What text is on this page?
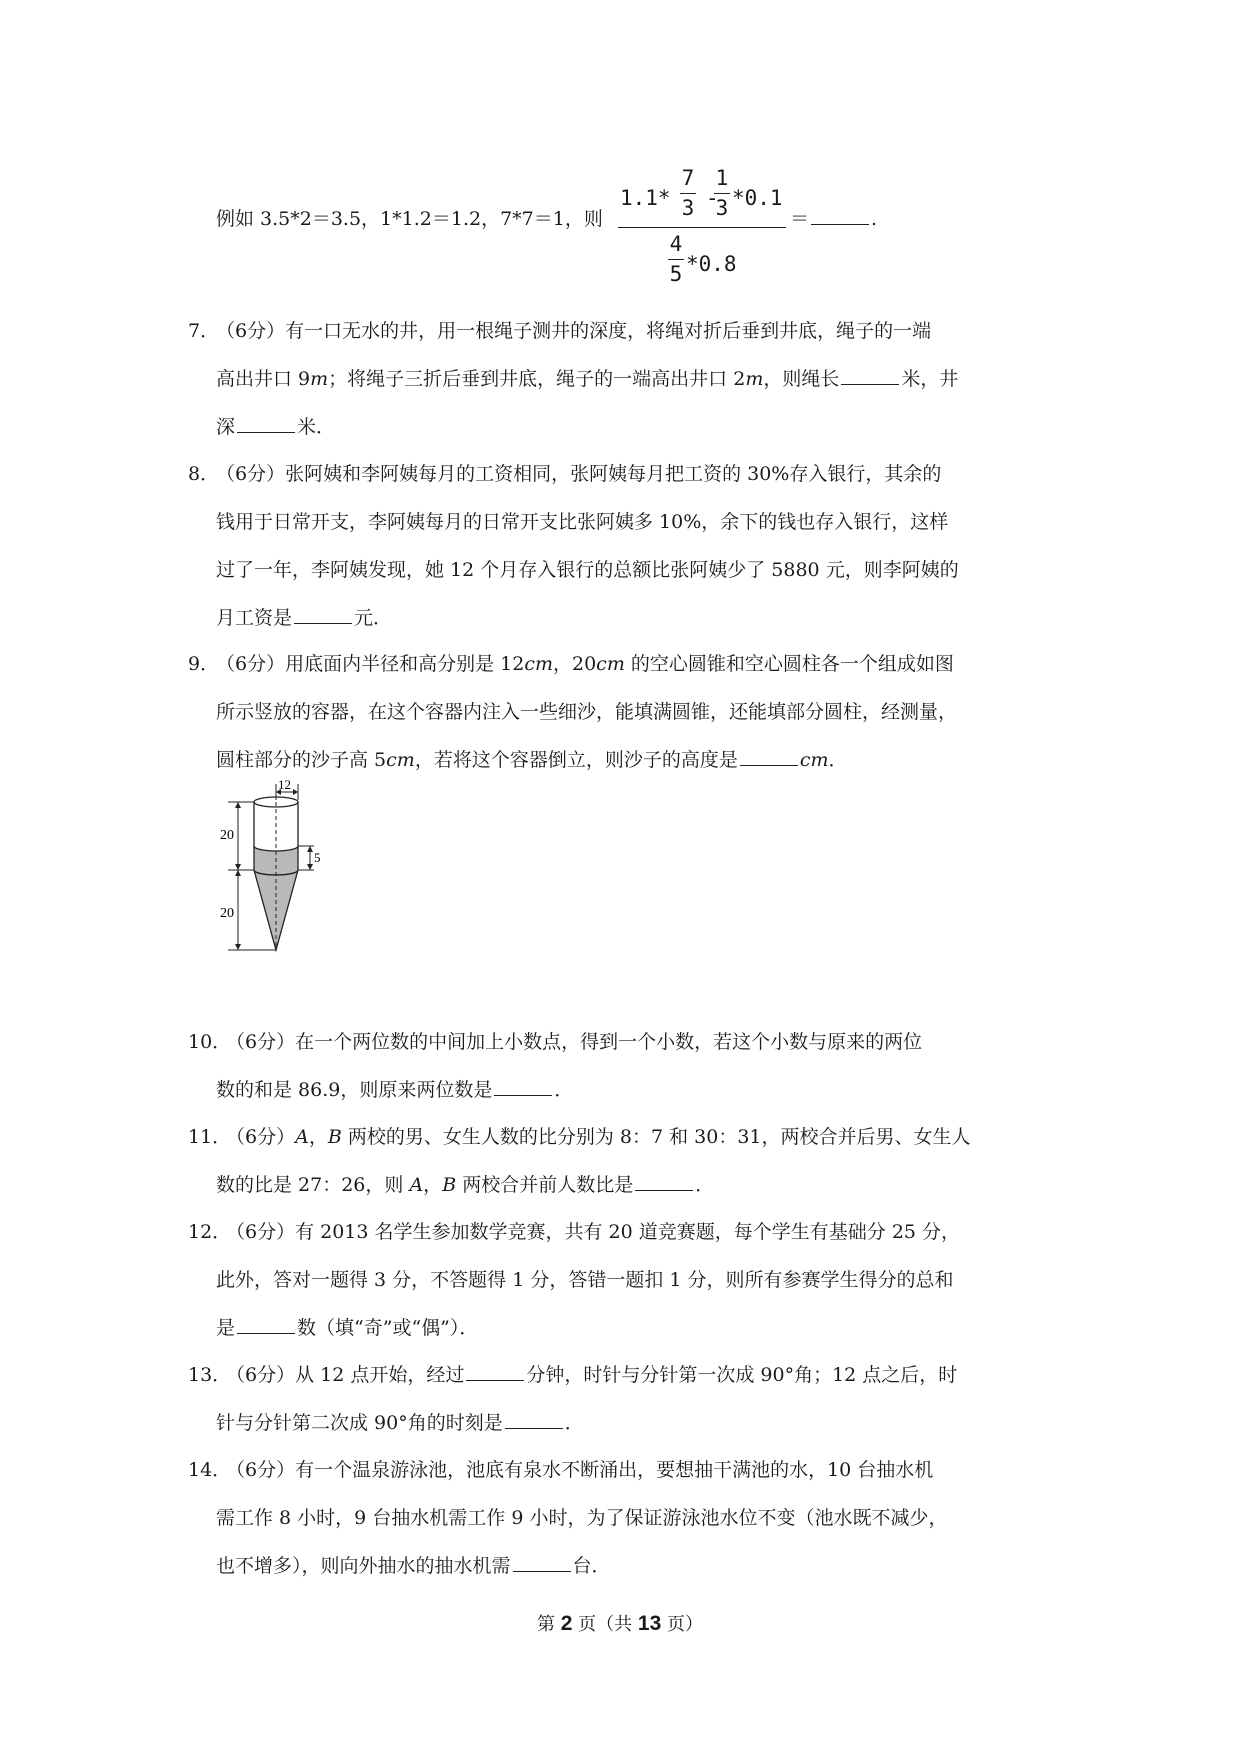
例如 3.5*2＝3.5，1*1.2＝1.2，7*7＝1，则
1.1*
7
3 -
1
3 *0.1
4
5 *0.8
＝	.
7．
（6分）有一口无水的井，用一根绳子测井的深度，将绳对折后垂到井底，绳子的一端
高出井口 9m；将绳子三折后垂到井底，绳子的一端高出井口 2m，则绳长	米，井
深	米．
8．
（6分）张阿姨和李阿姨每月的工资相同，张阿姨每月把工资的 30%存入银行，其余的
钱用于日常开支，李阿姨每月的日常开支比张阿姨多 10%，余下的钱也存入银行，这样
过了一年，李阿姨发现，她 12 个月存入银行的总额比张阿姨少了 5880 元，则李阿姨的
月工资是	元．
9．
（6分）用底面内半径和高分别是 12cm，20cm 的空心圆锥和空心圆柱各一个组成如图
所示竖放的容器，在这个容器内注入一些细沙，能填满圆锥，还能填部分圆柱，经测量，
圆柱部分的沙子高 5cm，若将这个容器倒立，则沙子的高度是	cm．
10．
（6分）在一个两位数的中间加上小数点，得到一个小数，若这个小数与原来的两位
数的和是 86.9，则原来两位数是	．
11．
（6分）A，B 两校的男、女生人数的比分别为 8：7 和 30：31，两校合并后男、女生人
数的比是 27：26，则 A，B 两校合并前人数比是	．
12．
（6分）有 2013 名学生参加数学竞赛，共有 20 道竞赛题，每个学生有基础分 25 分，
此外，答对一题得 3 分，不答题得 1 分，答错一题扣 1 分，则所有参赛学生得分的总和
是	数（填“奇”或“偶”）．
13．
（6分）从 12 点开始，经过	分钟，时针与分针第一次成 90°角；12 点之后，时
针与分针第二次成 90°角的时刻是	．
14．
（6分）有一个温泉游泳池，池底有泉水不断涌出，要想抽干满池的水，10 台抽水机
需工作 8 小时，9 台抽水机需工作 9 小时，为了保证游泳池水位不变（池水既不减少，
也不增多），则向外抽水的抽水机需	台．
12

20
20
5
第 2 页（共 13 页）
